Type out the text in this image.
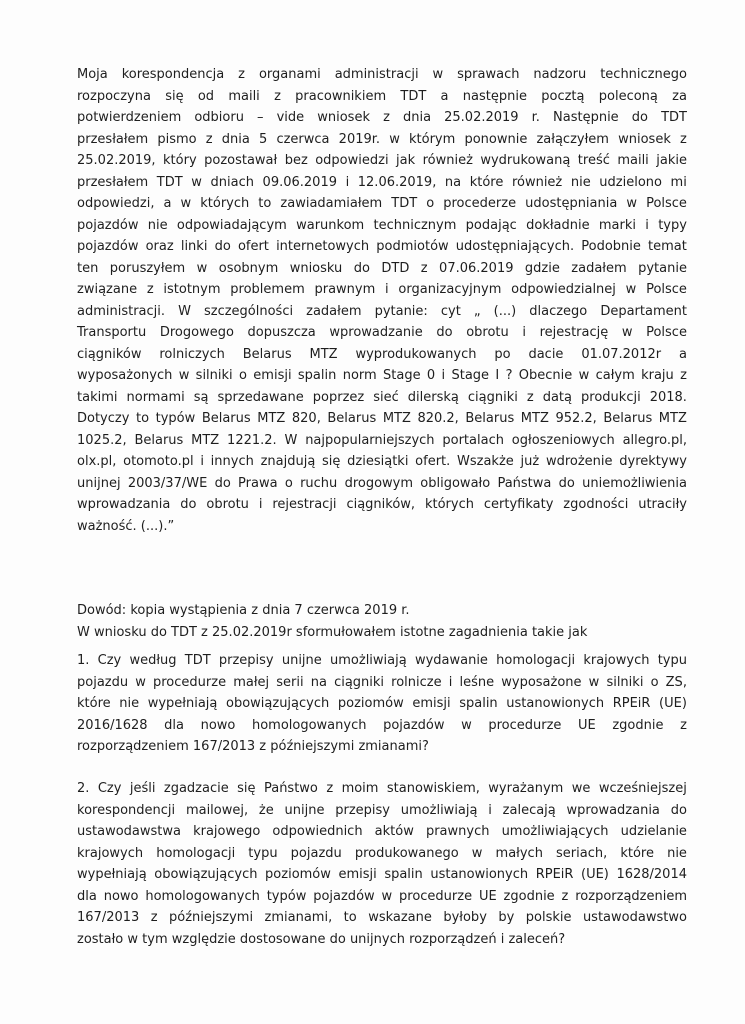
Moja korespondencja z organami administracji w sprawach nadzoru technicznego
rozpoczyna się od maili z pracownikiem TDT a następnie pocztą poleconą za
potwierdzeniem odbioru – vide wniosek z dnia 25.02.2019 r. Następnie do TDT
przesłałem pismo z dnia 5 czerwca 2019r. w którym ponownie załączyłem wniosek z
25.02.2019, który pozostawał bez odpowiedzi jak również wydrukowaną treść maili jakie
przesłałem TDT w dniach 09.06.2019 i 12.06.2019, na które również nie udzielono mi
odpowiedzi, a w których to zawiadamiałem TDT o procederze udostępniania w Polsce
pojazdów nie odpowiadającym warunkom technicznym podając dokładnie marki i typy
pojazdów oraz linki do ofert internetowych podmiotów udostępniających. Podobnie temat
ten poruszyłem w osobnym wniosku do DTD z 07.06.2019 gdzie zadałem pytanie
związane z istotnym problemem prawnym i organizacyjnym odpowiedzialnej w Polsce
administracji. W szczególności zadałem pytanie: cyt „ (...) dlaczego Departament
Transportu Drogowego dopuszcza wprowadzanie do obrotu i rejestrację w Polsce
ciągników rolniczych Belarus MTZ wyprodukowanych po dacie 01.07.2012r a
wyposażonych w silniki o emisji spalin norm Stage 0 i Stage I ? Obecnie w całym kraju z
takimi normami są sprzedawane poprzez sieć dilerską ciągniki z datą produkcji 2018.
Dotyczy to typów Belarus MTZ 820, Belarus MTZ 820.2, Belarus MTZ 952.2, Belarus MTZ
1025.2, Belarus MTZ 1221.2. W najpopularniejszych portalach ogłoszeniowych allegro.pl,
olx.pl, otomoto.pl i innych znajdują się dziesiątki ofert. Wszakże już wdrożenie dyrektywy
unijnej 2003/37/WE do Prawa o ruchu drogowym obligowało Państwa do uniemożliwienia
wprowadzania do obrotu i rejestracji ciągników, których certyfikaty zgodności utraciły
ważność. (...).”
Dowód: kopia wystąpienia z dnia 7 czerwca 2019 r.
W wniosku do TDT z 25.02.2019r sformułowałem istotne zagadnienia takie jak
1. Czy według TDT przepisy unijne umożliwiają wydawanie homologacji krajowych typu
pojazdu w procedurze małej serii na ciągniki rolnicze i leśne wyposażone w silniki o ZS,
które nie wypełniają obowiązujących poziomów emisji spalin ustanowionych RPEiR (UE)
2016/1628 dla nowo homologowanych pojazdów w procedurze UE zgodnie z
rozporządzeniem 167/2013 z późniejszymi zmianami?
2. Czy jeśli zgadzacie się Państwo z moim stanowiskiem, wyrażanym we wcześniejszej
korespondencji mailowej, że unijne przepisy umożliwiają i zalecają wprowadzania do
ustawodawstwa krajowego odpowiednich aktów prawnych umożliwiających udzielanie
krajowych homologacji typu pojazdu produkowanego w małych seriach, które nie
wypełniają obowiązujących poziomów emisji spalin ustanowionych RPEiR (UE) 1628/2014
dla nowo homologowanych typów pojazdów w procedurze UE zgodnie z rozporządzeniem
167/2013 z późniejszymi zmianami, to wskazane byłoby by polskie ustawodawstwo
zostało w tym względzie dostosowane do unijnych rozporządzeń i zaleceń?
